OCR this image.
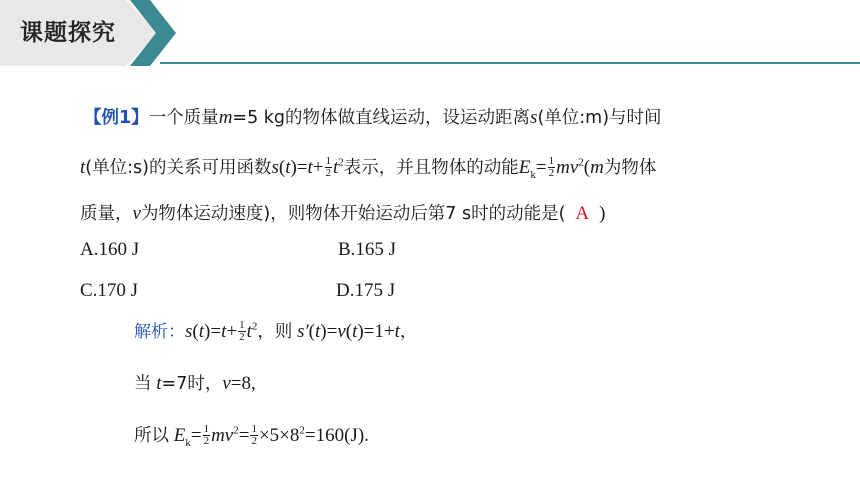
课题探究
【例1】一个质量m=5 kg的物体做直线运动，设运动距离s(单位:m)与时间
t(单位:s)的关系可用函数$s(t)=t+ \frac{1}{2} t^2$表示，并且物体的动能$E_k= \frac{1}{2} mv^2(m$为物体
质量，v为物体运动速度)，则物体开始运动后第7 s时的动能是( A )
A.160 J	B.165 J
C.170 J	D.175 J
解析：$s(t)=t+ \frac{1}{2} t^2$，则 s′(t)=v(t)=1+t，
当 t=7时，v=8,
所以 $E_k= \frac{1}{2} mv^2= \frac{1}{2} \times 5\times 8^2=160(J)$.
